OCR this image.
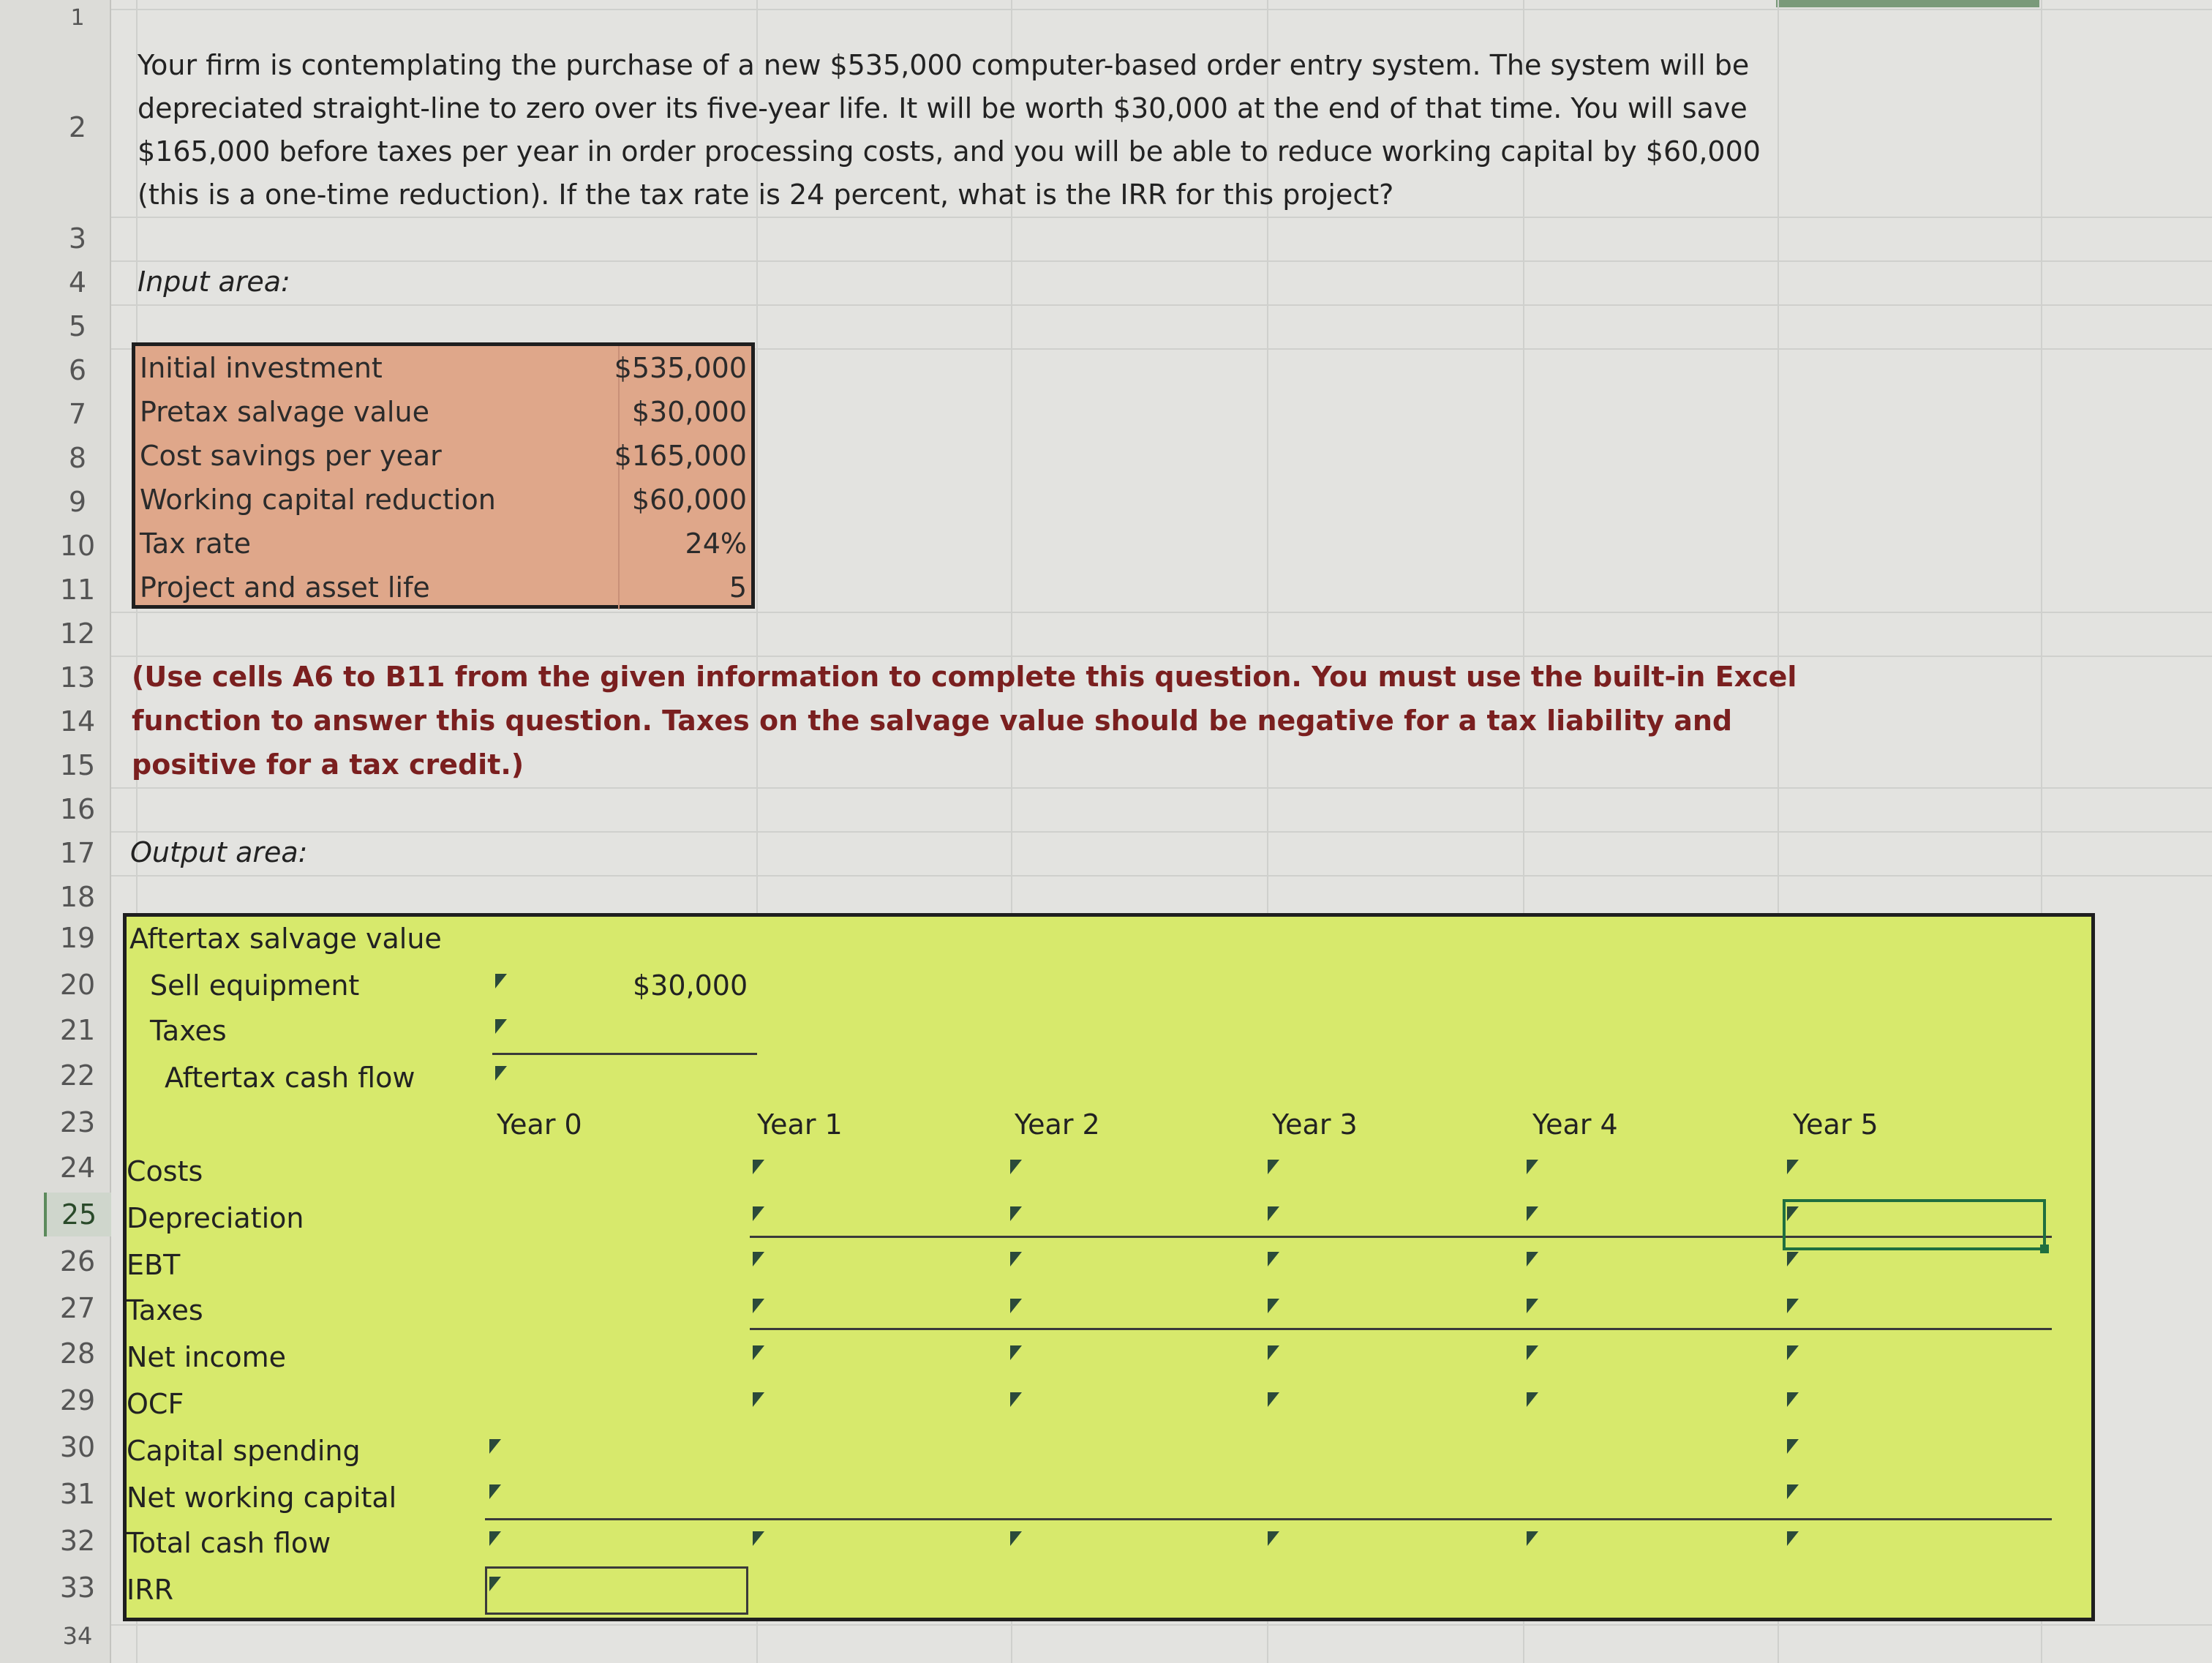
1
2
3
4
5
6
7
8
9
10
11
12
13
14
15
16
17
18
19
20
21
22
23
24
25
26
27
28
29
30
31
32
33
34
Your firm is contemplating the purchase of a new $535,000 computer-based order entry system. The system will be depreciated straight-line to zero over its five-year life. It will be worth $30,000 at the end of that time. You will save $165,000 before taxes per year in order processing costs, and you will be able to reduce working capital by $60,000 (this is a one-time reduction). If the tax rate is 24 percent, what is the IRR for this project?
Input area:
Initial investment	$535,000
Pretax salvage value	$30,000
Cost savings per year	$165,000
Working capital reduction	$60,000
Tax rate	24%
Project and asset life	5
(Use cells A6 to B11 from the given information to complete this question. You must use the built-in Excel
function to answer this question. Taxes on the salvage value should be negative for a tax liability and
positive for a tax credit.)
Output area:
Aftertax salvage value
Sell equipment	$30,000
Taxes
Aftertax cash flow
Year 0	Year 1	Year 2	Year 3	Year 4	Year 5
Costs
Depreciation
EBT
Taxes
Net income
OCF
Capital spending
Net working capital
Total cash flow
IRR
